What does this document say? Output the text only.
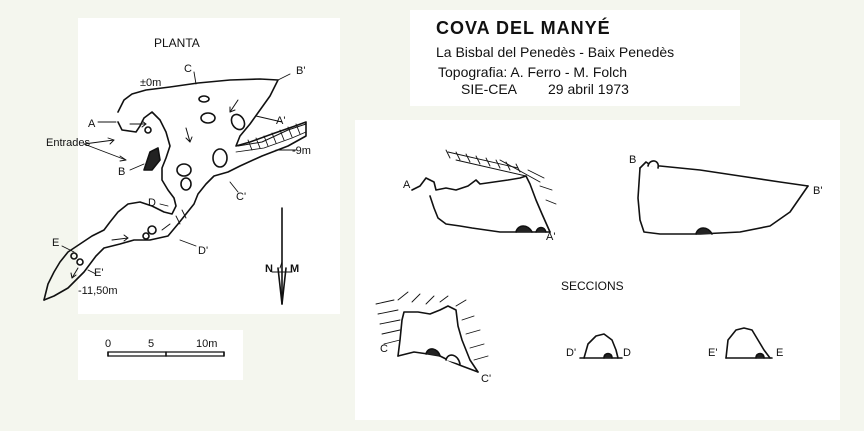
COVA DEL MANYÉ
La Bisbal del Penedès - Baix Penedès
Topografia: A. Ferro - M. Folch
SIE-CEA 29 abril 1973
PLANTA
Entrades
SECCIONS
A	A'
B
B'
C
C'
D
D'
E
E'
±0m
-9m
-11,50m
N M
0	5	10m
A
A'
B
B'
C
C'
D'	D	E'	E
